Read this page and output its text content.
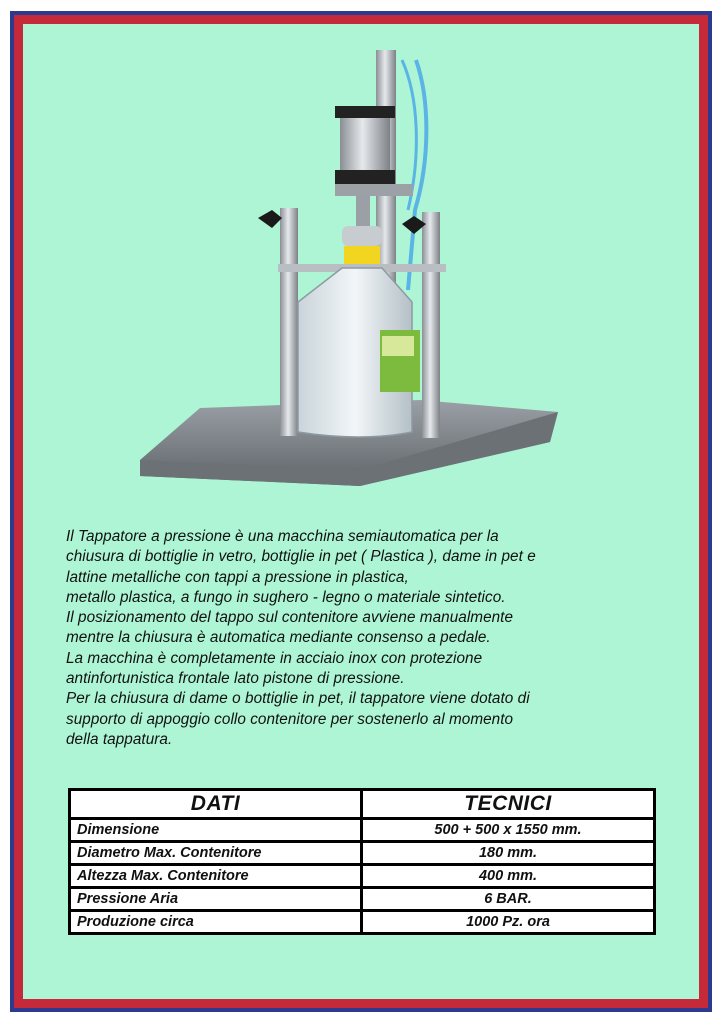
Il Tappatore a pressione è una macchina semiautomatica per la
chiusura di bottiglie in vetro, bottiglie in pet ( Plastica ), dame in pet e
lattine metalliche con tappi a pressione in plastica,
metallo plastica, a fungo in sughero - legno o materiale sintetico.
Il posizionamento del tappo sul contenitore avviene manualmente
mentre la chiusura è automatica mediante consenso a pedale.
La macchina è completamente in acciaio inox con protezione
antinfortunistica frontale lato pistone di pressione.
Per la chiusura di dame o bottiglie in pet, il tappatore viene dotato di
supporto di appoggio collo contenitore per sostenerlo al momento
della tappatura.
DATI	TECNICI
Dimensione	500 + 500 x 1550 mm.
Diametro Max. Contenitore	180 mm.
Altezza Max. Contenitore	400 mm.
Pressione Aria	6 BAR.
Produzione circa	1000 Pz. ora
